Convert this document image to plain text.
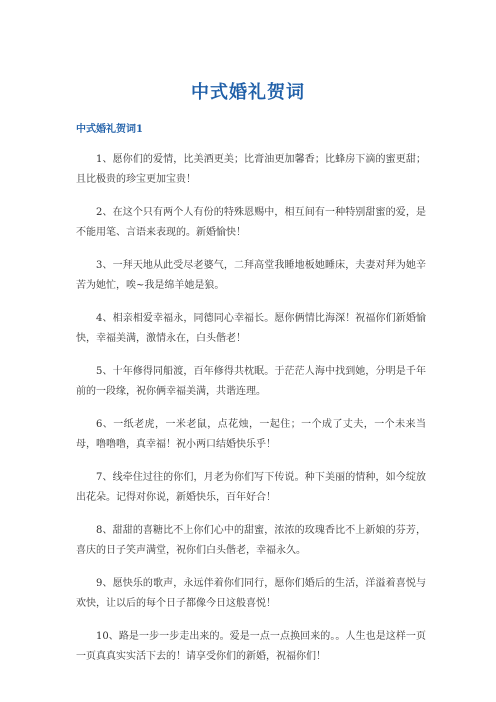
中式婚礼贺词
中式婚礼贺词1

1、愿你们的爱情，比美酒更美；比膏油更加馨香；比蜂房下滴的蜜更甜；且比极贵的珍宝更加宝贵！

2、在这个只有两个人有份的特殊恩赐中，相互间有一种特别甜蜜的爱，是不能用笔、言语来表现的。新婚愉快！

3、一拜天地从此受尽老婆气，二拜高堂我睡地板她睡床，夫妻对拜为她辛苦为她忙，唉~我是绵羊她是狼。

4、相亲相爱幸福永，同德同心幸福长。愿你俩情比海深！祝福你们新婚愉快，幸福美满，激情永在，白头偕老！

5、十年修得同船渡，百年修得共枕眠。于茫茫人海中找到她，分明是千年前的一段缘，祝你俩幸福美满，共谐连理。

6、一纸老虎，一米老鼠，点花烛，一起住；一个成了丈夫，一个未来当母，噜噜噜，真幸福！祝小两口结婚快乐乎！

7、线牵住过往的你们，月老为你们写下传说。种下美丽的情种，如今绽放出花朵。记得对你说，新婚快乐，百年好合！

8、甜甜的喜糖比不上你们心中的甜蜜，浓浓的玫瑰香比不上新娘的芬芳，喜庆的日子笑声满堂，祝你们白头偕老，幸福永久。

9、愿快乐的歌声，永远伴着你们同行，愿你们婚后的生活，洋溢着喜悦与欢快，让以后的每个日子都像今日这般喜悦！

10、路是一步一步走出来的。爱是一点一点换回来的。。人生也是这样一页一页真真实实活下去的！请享受你们的新婚，祝福你们！
